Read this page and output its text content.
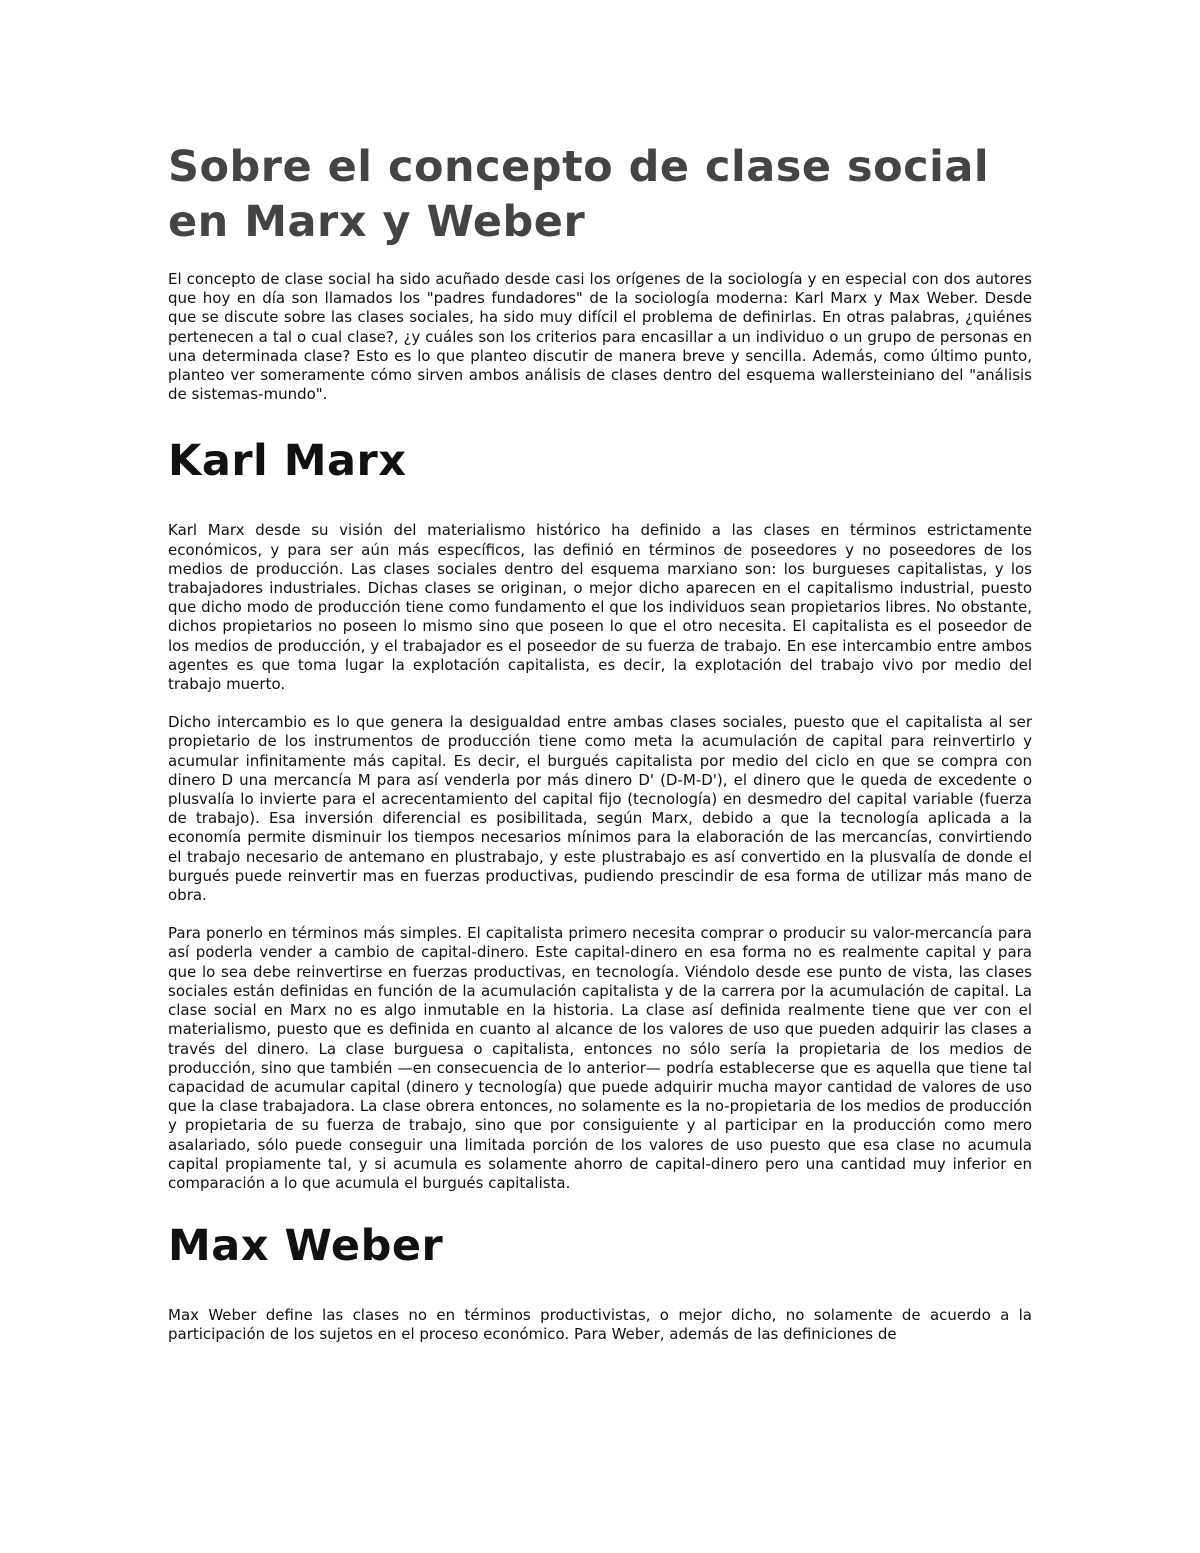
Sobre el concepto de clase social en Marx y Weber

El concepto de clase social ha sido acuñado desde casi los orígenes de la sociología y en especial con dos autores que hoy en día son llamados los "padres fundadores" de la sociología moderna: Karl Marx y Max Weber. Desde que se discute sobre las clases sociales, ha sido muy difícil el problema de definirlas. En otras palabras, ¿quiénes pertenecen a tal o cual clase?, ¿y cuáles son los criterios para encasillar a un individuo o un grupo de personas en una determinada clase? Esto es lo que planteo discutir de manera breve y sencilla. Además, como último punto, planteo ver someramente cómo sirven ambos análisis de clases dentro del esquema wallersteiniano del "análisis de sistemas-mundo".

Karl Marx

Karl Marx desde su visión del materialismo histórico ha definido a las clases en términos estrictamente económicos, y para ser aún más específicos, las definió en términos de poseedores y no poseedores de los medios de producción. Las clases sociales dentro del esquema marxiano son: los burgueses capitalistas, y los trabajadores industriales. Dichas clases se originan, o mejor dicho aparecen en el capitalismo industrial, puesto que dicho modo de producción tiene como fundamento el que los individuos sean propietarios libres. No obstante, dichos propietarios no poseen lo mismo sino que poseen lo que el otro necesita. El capitalista es el poseedor de los medios de producción, y el trabajador es el poseedor de su fuerza de trabajo. En ese intercambio entre ambos agentes es que toma lugar la explotación capitalista, es decir, la explotación del trabajo vivo por medio del trabajo muerto.

Dicho intercambio es lo que genera la desigualdad entre ambas clases sociales, puesto que el capitalista al ser propietario de los instrumentos de producción tiene como meta la acumulación de capital para reinvertirlo y acumular infinitamente más capital. Es decir, el burgués capitalista por medio del ciclo en que se compra con dinero D una mercancía M para así venderla por más dinero D' (D-M-D'), el dinero que le queda de excedente o plusvalía lo invierte para el acrecentamiento del capital fijo (tecnología) en desmedro del capital variable (fuerza de trabajo). Esa inversión diferencial es posibilitada, según Marx, debido a que la tecnología aplicada a la economía permite disminuir los tiempos necesarios mínimos para la elaboración de las mercancías, convirtiendo el trabajo necesario de antemano en plustrabajo, y este plustrabajo es así convertido en la plusvalía de donde el burgués puede reinvertir mas en fuerzas productivas, pudiendo prescindir de esa forma de utilizar más mano de obra.

Para ponerlo en términos más simples. El capitalista primero necesita comprar o producir su valor-mercancía para así poderla vender a cambio de capital-dinero. Este capital-dinero en esa forma no es realmente capital y para que lo sea debe reinvertirse en fuerzas productivas, en tecnología. Viéndolo desde ese punto de vista, las clases sociales están definidas en función de la acumulación capitalista y de la carrera por la acumulación de capital. La clase social en Marx no es algo inmutable en la historia. La clase así definida realmente tiene que ver con el materialismo, puesto que es definida en cuanto al alcance de los valores de uso que pueden adquirir las clases a través del dinero. La clase burguesa o capitalista, entonces no sólo sería la propietaria de los medios de producción, sino que también —en consecuencia de lo anterior— podría establecerse que es aquella que tiene tal capacidad de acumular capital (dinero y tecnología) que puede adquirir mucha mayor cantidad de valores de uso que la clase trabajadora. La clase obrera entonces, no solamente es la no-propietaria de los medios de producción y propietaria de su fuerza de trabajo, sino que por consiguiente y al participar en la producción como mero asalariado, sólo puede conseguir una limitada porción de los valores de uso puesto que esa clase no acumula capital propiamente tal, y si acumula es solamente ahorro de capital-dinero pero una cantidad muy inferior en comparación a lo que acumula el burgués capitalista.

Max Weber

Max Weber define las clases no en términos productivistas, o mejor dicho, no solamente de acuerdo a la participación de los sujetos en el proceso económico. Para Weber, además de las definiciones de
